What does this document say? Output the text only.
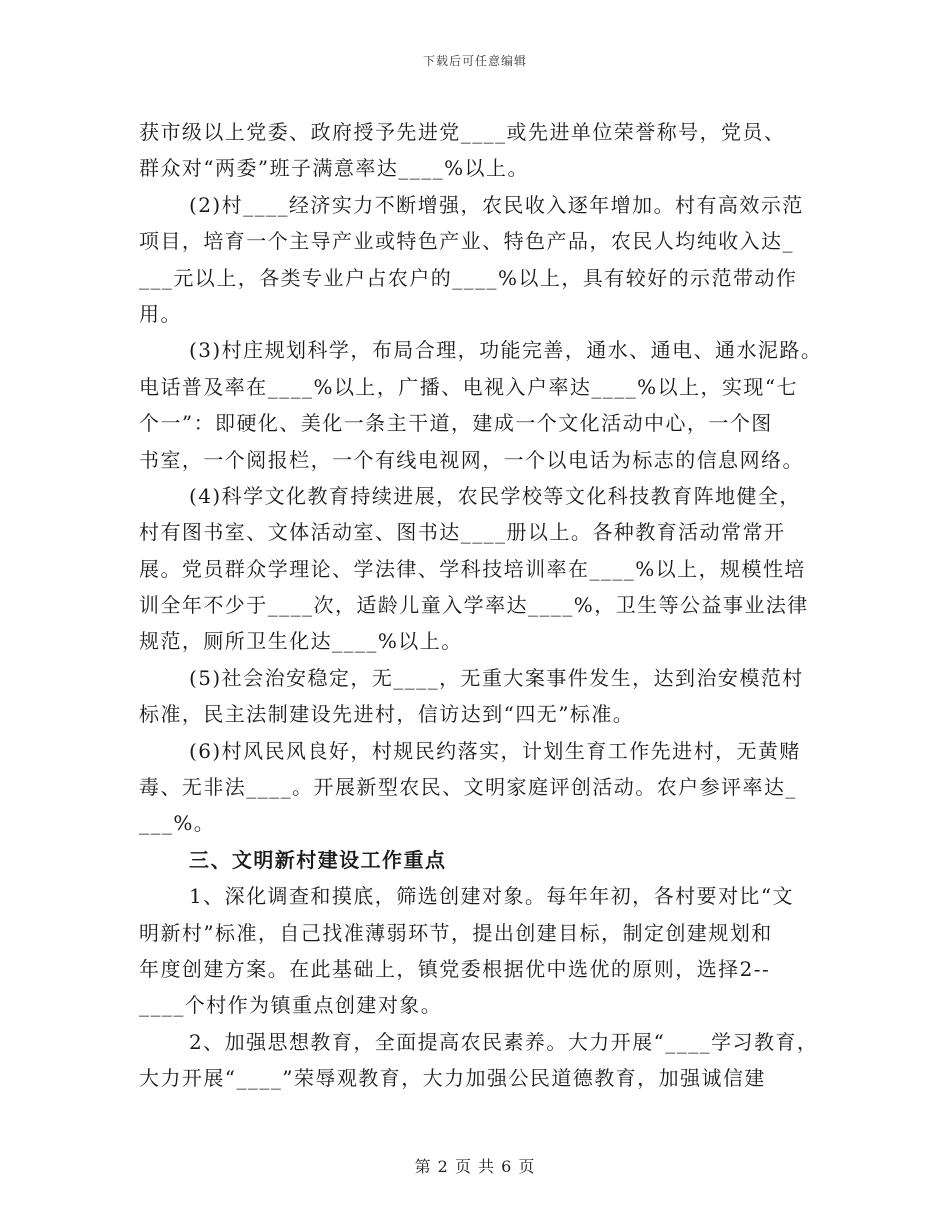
下载后可任意编辑
获市级以上党委、政府授予先进党____或先进单位荣誉称号，党员、
群众对“两委”班子满意率达____%以上。
(2)村____经济实力不断增强，农民收入逐年增加。村有高效示范
项目，培育一个主导产业或特色产业、特色产品，农民人均纯收入达_
___元以上，各类专业户占农户的____%以上，具有较好的示范带动作
用。
(3)村庄规划科学，布局合理，功能完善，通水、通电、通水泥路。
电话普及率在____%以上，广播、电视入户率达____%以上，实现“七
个一”：即硬化、美化一条主干道，建成一个文化活动中心，一个图
书室，一个阅报栏，一个有线电视网，一个以电话为标志的信息网络。
(4)科学文化教育持续进展，农民学校等文化科技教育阵地健全，
村有图书室、文体活动室、图书达____册以上。各种教育活动常常开
展。党员群众学理论、学法律、学科技培训率在____%以上，规模性培
训全年不少于____次，适龄儿童入学率达____%，卫生等公益事业法律
规范，厕所卫生化达____%以上。
(5)社会治安稳定，无____，无重大案事件发生，达到治安模范村
标准，民主法制建设先进村，信访达到“四无”标准。
(6)村风民风良好，村规民约落实，计划生育工作先进村，无黄赌
毒、无非法____。开展新型农民、文明家庭评创活动。农户参评率达_
___%。
三、文明新村建设工作重点
1、深化调查和摸底，筛选创建对象。每年年初，各村要对比“文
明新村”标准，自己找准薄弱环节，提出创建目标，制定创建规划和
年度创建方案。在此基础上，镇党委根据优中选优的原则，选择2--
____个村作为镇重点创建对象。
2、加强思想教育，全面提高农民素养。大力开展“____学习教育，
大力开展“____”荣辱观教育，大力加强公民道德教育，加强诚信建
第 2 页 共 6 页
